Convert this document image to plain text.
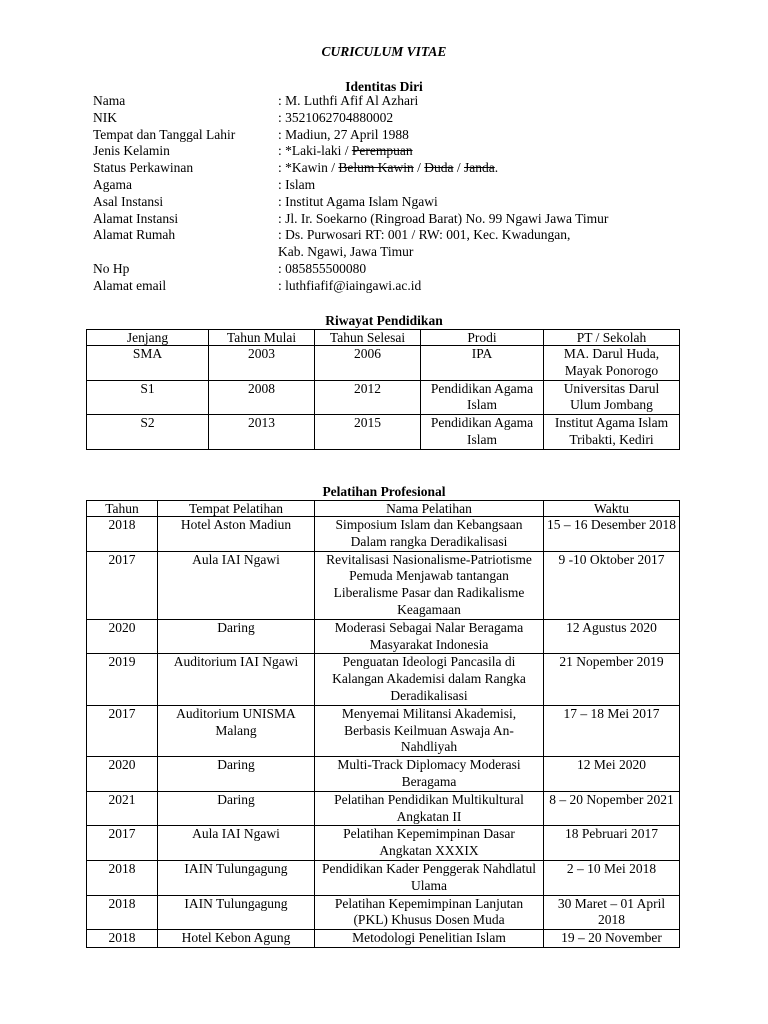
CURICULUM VITAE
Identitas Diri
Nama	: M. Luthfi Afif Al Azhari
NIK	: 3521062704880002
Tempat dan Tanggal Lahir	: Madiun, 27 April 1988
Jenis Kelamin	: *Laki-laki / Perempuan
Status Perkawinan	: *Kawin / Belum Kawin / Duda / Janda.
Agama	: Islam
Asal Instansi	: Institut Agama Islam Ngawi
Alamat Instansi	: Jl. Ir. Soekarno (Ringroad Barat) No. 99 Ngawi Jawa Timur
Alamat Rumah	: Ds. Purwosari RT: 001 / RW: 001, Kec. Kwadungan,
Kab. Ngawi, Jawa Timur
No Hp	: 085855500080
Alamat email	: luthfiafif@iaingawi.ac.id
Riwayat Pendidikan
Jenjang	Tahun Mulai	Tahun Selesai	Prodi	PT / Sekolah
SMA	2003	2006	IPA	MA. Darul Huda, Mayak Ponorogo
S1	2008	2012	Pendidikan Agama Islam	Universitas Darul Ulum Jombang
S2	2013	2015	Pendidikan Agama Islam	Institut Agama Islam Tribakti, Kediri
Pelatihan Profesional
Tahun	Tempat Pelatihan	Nama Pelatihan	Waktu
2018	Hotel Aston Madiun	Simposium Islam dan Kebangsaan Dalam rangka Deradikalisasi	15 – 16 Desember 2018
2017	Aula IAI Ngawi	Revitalisasi Nasionalisme-Patriotisme Pemuda Menjawab tantangan Liberalisme Pasar dan Radikalisme Keagamaan	9 -10 Oktober 2017
2020	Daring	Moderasi Sebagai Nalar Beragama Masyarakat Indonesia	12 Agustus 2020
2019	Auditorium IAI Ngawi	Penguatan Ideologi Pancasila di Kalangan Akademisi dalam Rangka Deradikalisasi	21 Nopember 2019
2017	Auditorium UNISMA Malang	Menyemai Militansi Akademisi, Berbasis Keilmuan Aswaja An-Nahdliyah	17 – 18 Mei 2017
2020	Daring	Multi-Track Diplomacy Moderasi Beragama	12 Mei 2020
2021	Daring	Pelatihan Pendidikan Multikultural Angkatan II	8 – 20 Nopember 2021
2017	Aula IAI Ngawi	Pelatihan Kepemimpinan Dasar Angkatan XXXIX	18 Pebruari 2017
2018	IAIN Tulungagung	Pendidikan Kader Penggerak Nahdlatul Ulama	2 – 10 Mei 2018
2018	IAIN Tulungagung	Pelatihan Kepemimpinan Lanjutan (PKL) Khusus Dosen Muda	30 Maret – 01 April 2018
2018	Hotel Kebon Agung	Metodologi Penelitian Islam	19 – 20 November
